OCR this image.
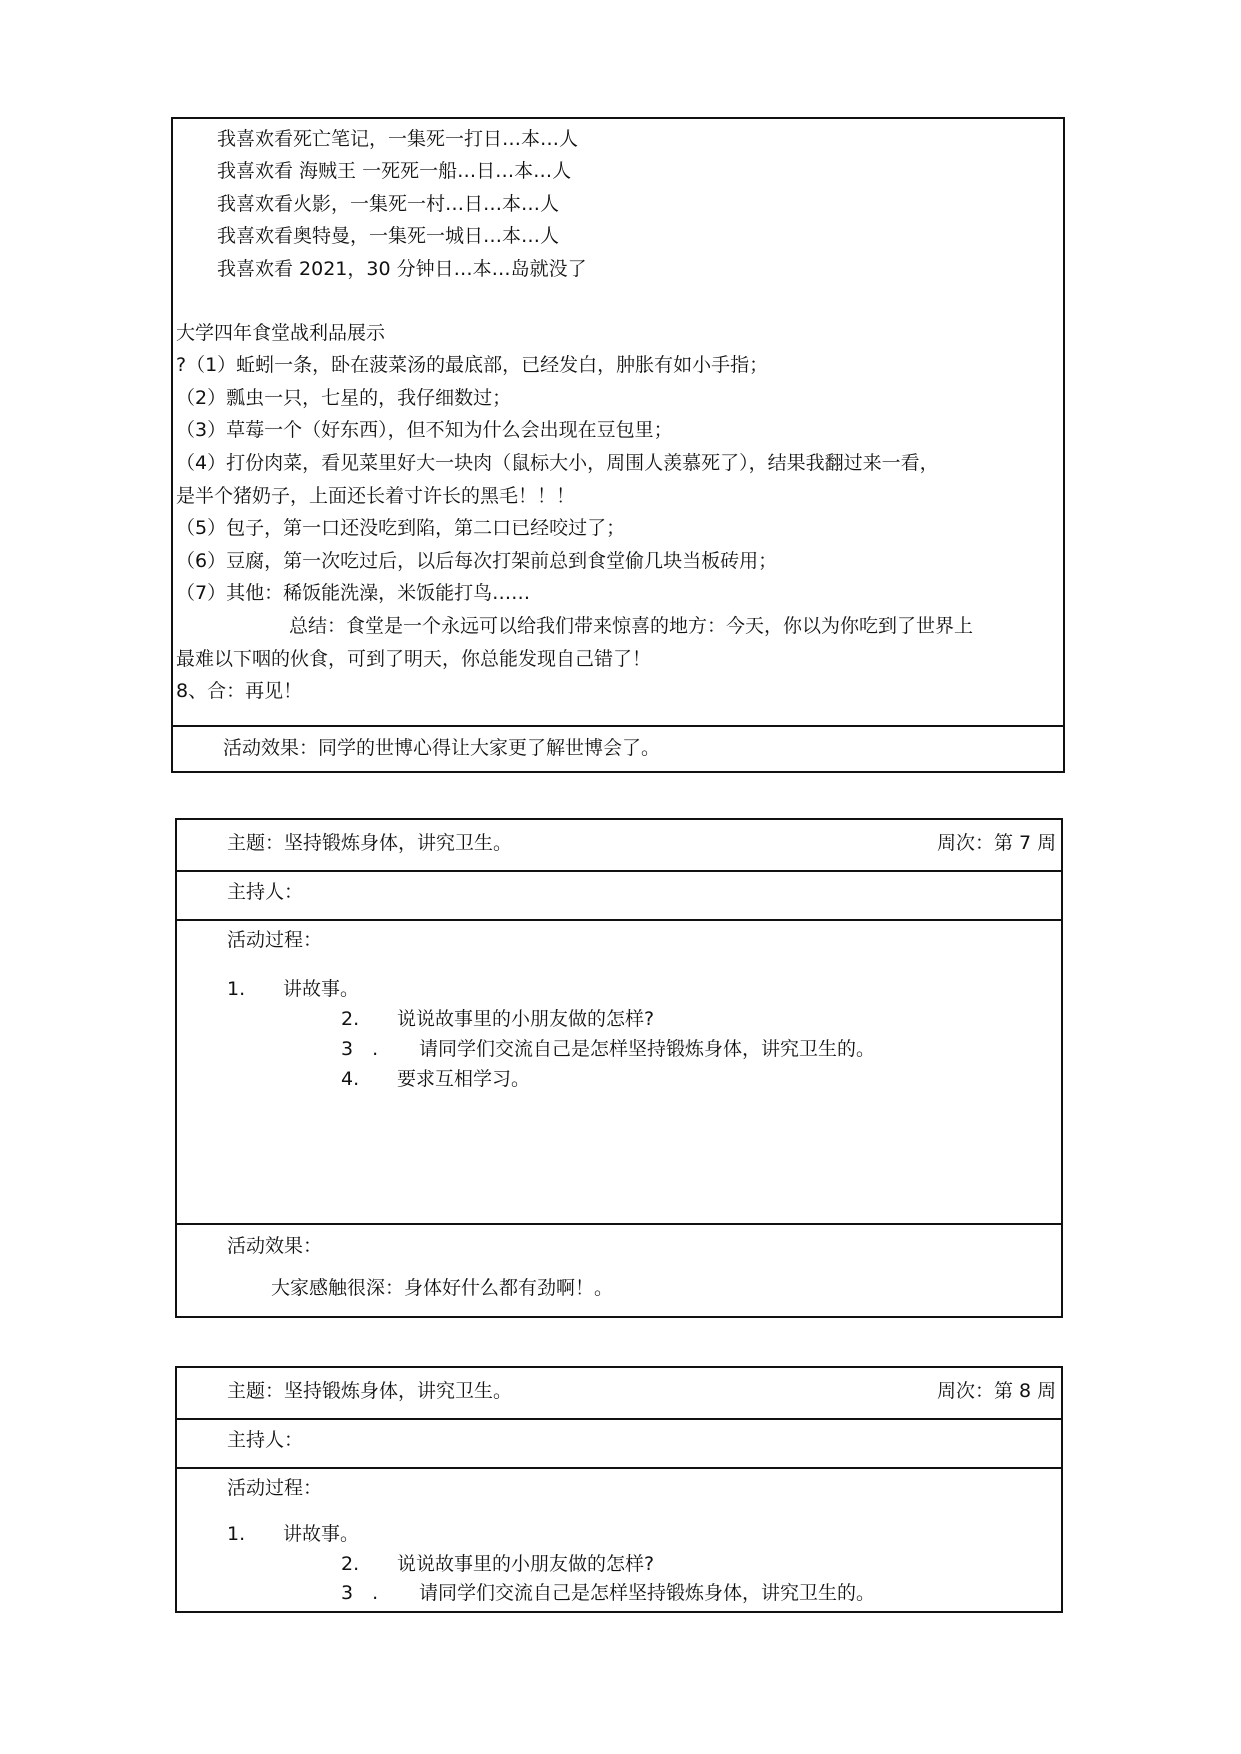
我喜欢看死亡笔记，一集死一打日…本…人
我喜欢看 海贼王 一死死一船…日…本…人
我喜欢看火影，一集死一村…日…本…人
我喜欢看奥特曼，一集死一城日…本…人
我喜欢看 2021，30 分钟日…本…岛就没了
大学四年食堂战利品展示
?（1）蚯蚓一条，卧在菠菜汤的最底部，已经发白，肿胀有如小手指；
（2）瓢虫一只，七星的，我仔细数过；
（3）草莓一个（好东西），但不知为什么会出现在豆包里；
（4）打份肉菜，看见菜里好大一块肉（鼠标大小，周围人羡慕死了），结果我翻过来一看，
是半个猪奶子，上面还长着寸许长的黑毛！！！
（5）包子，第一口还没吃到陷，第二口已经咬过了；
（6）豆腐，第一次吃过后，以后每次打架前总到食堂偷几块当板砖用；
（7）其他：稀饭能洗澡，米饭能打鸟……
总结：食堂是一个永远可以给我们带来惊喜的地方：今天，你以为你吃到了世界上
最难以下咽的伙食，可到了明天，你总能发现自己错了！
8、合：再见！
活动效果：同学的世博心得让大家更了解世博会了。
主题：坚持锻炼身体，讲究卫生。	周次：第 7 周
主持人：
活动过程：
1. 讲故事。
2. 说说故事里的小朋友做的怎样?
3　. 请同学们交流自己是怎样坚持锻炼身体，讲究卫生的。
4. 要求互相学习。
活动效果：
大家感触很深：身体好什么都有劲啊！。
主题：坚持锻炼身体，讲究卫生。	周次：第 8 周
主持人：
活动过程：
1. 讲故事。
2. 说说故事里的小朋友做的怎样?
3　. 请同学们交流自己是怎样坚持锻炼身体，讲究卫生的。
